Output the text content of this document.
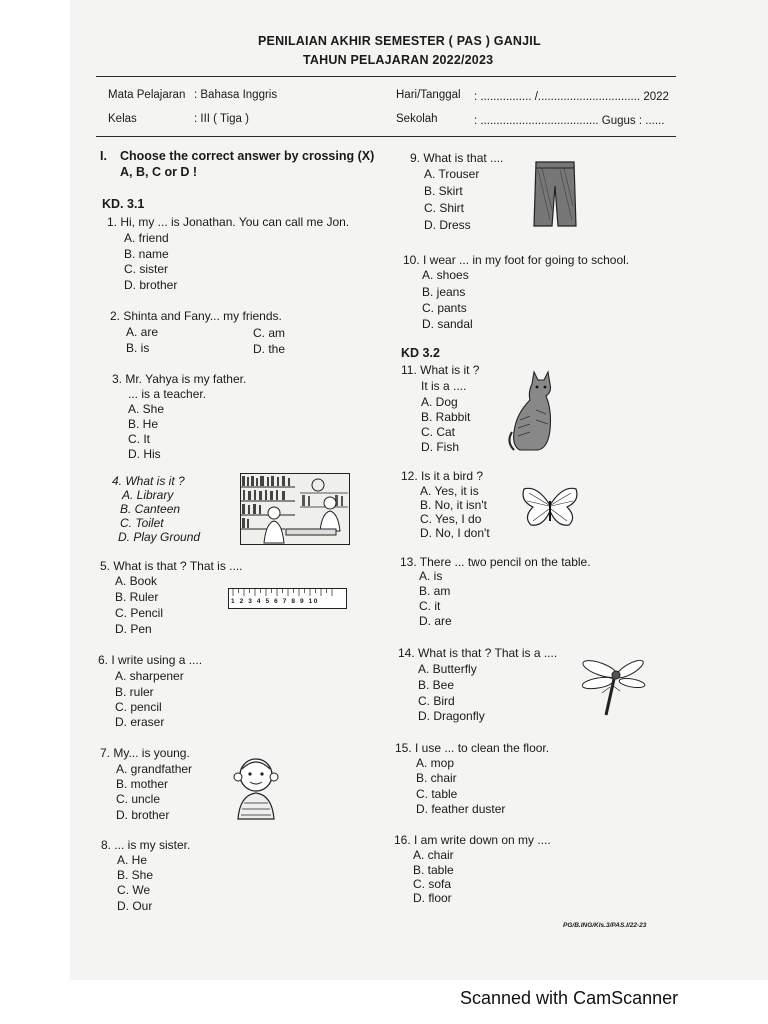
PENILAIAN AKHIR SEMESTER ( PAS ) GANJIL
TAHUN PELAJARAN 2022/2023
Mata Pelajaran : Bahasa Inggris
Kelas	: III ( Tiga )
Hari/Tanggal : ................ /................................ 2022
Sekolah	: ..................................... Gugus : ......
I. Choose the correct answer by crossing (X)
A, B, C or D !
KD. 3.1
1. Hi, my ... is Jonathan. You can call me Jon.
A. friend
B. name
C. sister
D. brother
2. Shinta and Fany... my friends.
A. are	C. am
B. is	D. the
3. Mr. Yahya is my father.
... is a teacher.
A. She
B. He
C. It
D. His
4. What is it ?
A. Library
B. Canteen
C. Toilet
D. Play Ground
5. What is that ? That is ....
A. Book
B. Ruler
C. Pencil
D. Pen
1 2 3 4 5 6 7 8 9 10
6. I write using a ....
A. sharpener
B. ruler
C. pencil
D. eraser
7. My... is young.
A. grandfather
B. mother
C. uncle
D. brother
8. ... is my sister.
A. He
B. She
C. We
D. Our
9. What is that ....
A. Trouser
B. Skirt
C. Shirt
D. Dress
10. I wear ... in my foot for going to school.
A. shoes
B. jeans
C. pants
D. sandal
KD 3.2
11. What is it ?
It is a ....
A. Dog
B. Rabbit
C. Cat
D. Fish
12. Is it a bird ?
A. Yes, it is
B. No, it isn't
C. Yes, I do
D. No, I don't
13. There ... two pencil on the table.
A. is
B. am
C. it
D. are
14. What is that ? That is a ....
A. Butterfly
B. Bee
C. Bird
D. Dragonfly
15. I use ... to clean the floor.
A. mop
B. chair
C. table
D. feather duster
16. I am write down on my ....
A. chair
B. table
C. sofa
D. floor
PG/B.ING/Kls.3/PAS.I/22-23
Scanned with CamScanner
